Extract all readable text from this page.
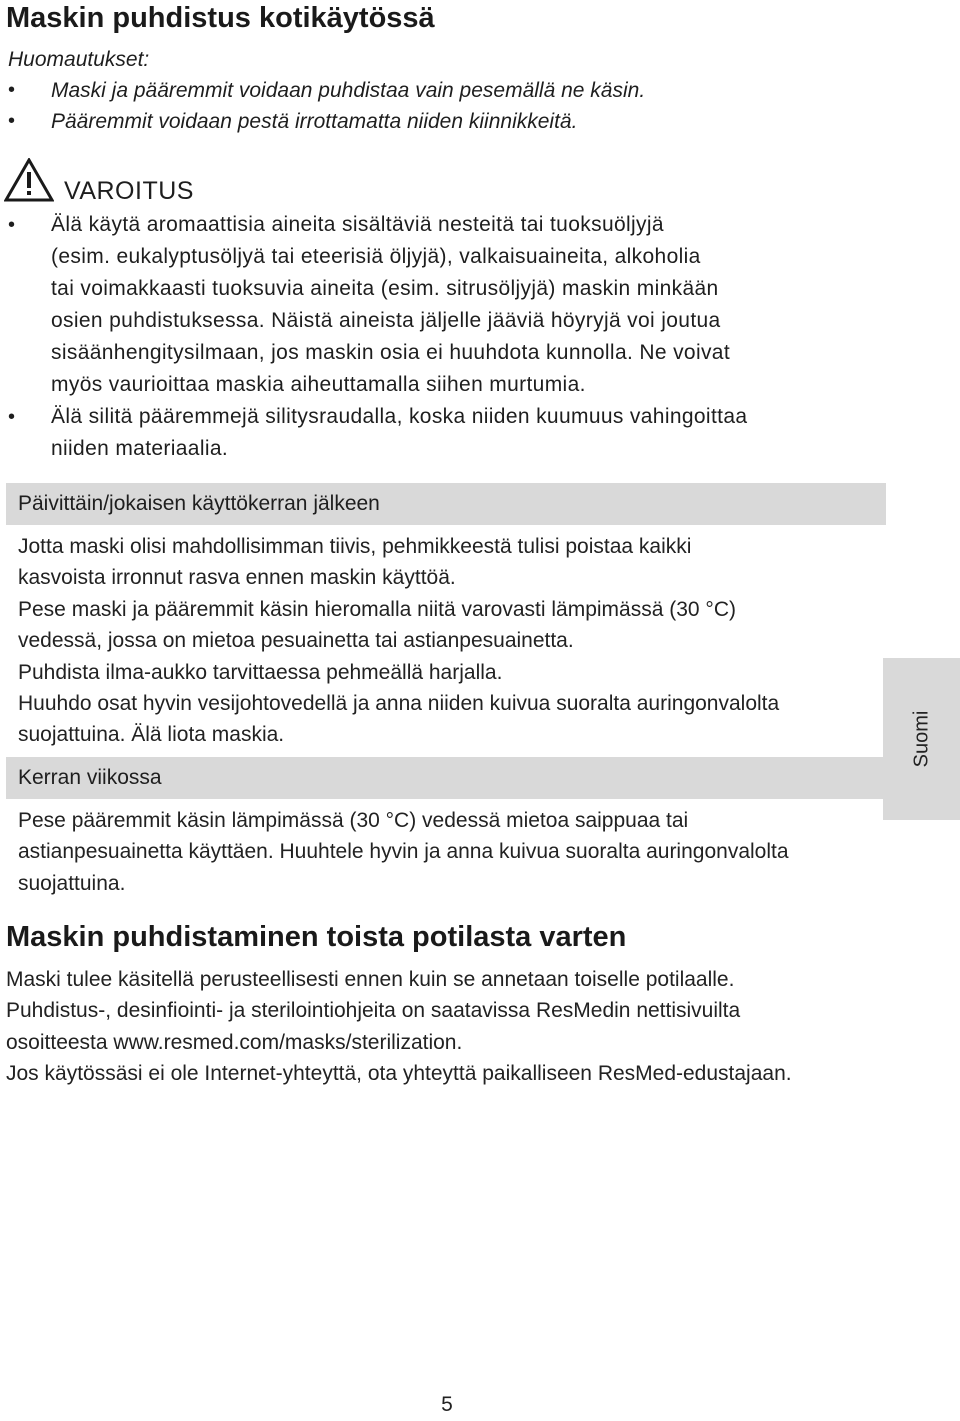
Maskin puhdistus kotikäytössä
Huomautukset:
• Maski ja pääremmit voidaan puhdistaa vain pesemällä ne käsin.
• Pääremmit voidaan pestä irrottamatta niiden kiinnikkeitä.
VAROITUS
• Älä käytä aromaattisia aineita sisältäviä nesteitä tai tuoksuöljyjä
(esim. eukalyptusöljyä tai eteerisiä öljyjä), valkaisuaineita, alkoholia
tai voimakkaasti tuoksuvia aineita (esim. sitrusöljyjä) maskin minkään
osien puhdistuksessa. Näistä aineista jäljelle jääviä höyryjä voi joutua
sisäänhengitysilmaan, jos maskin osia ei huuhdota kunnolla. Ne voivat
myös vaurioittaa maskia aiheuttamalla siihen murtumia.
• Älä silitä pääremmejä silitysraudalla, koska niiden kuumuus vahingoittaa
niiden materiaalia.
Päivittäin/jokaisen käyttökerran jälkeen

Jotta maski olisi mahdollisimman tiivis, pehmikkeestä tulisi poistaa kaikki

kasvoista irronnut rasva ennen maskin käyttöä.

Pese maski ja pääremmit käsin hieromalla niitä varovasti lämpimässä (30 °C)

vedessä, jossa on mietoa pesuainetta tai astianpesuainetta.

Puhdista ilma-aukko tarvittaessa pehmeällä harjalla.

Huuhdo osat hyvin vesijohtovedellä ja anna niiden kuivua suoralta auringonvalolta

suojattuina. Älä liota maskia.

Kerran viikossa

Pese pääremmit käsin lämpimässä (30 °C) vedessä mietoa saippuaa tai

astianpesuainetta käyttäen. Huuhtele hyvin ja anna kuivua suoralta auringonvalolta

suojattuina.

Maskin puhdistaminen toista potilasta varten

Maski tulee käsitellä perusteellisesti ennen kuin se annetaan toiselle potilaalle.

Puhdistus-, desinfiointi- ja sterilointiohjeita on saatavissa ResMedin nettisivuilta

osoitteesta www.resmed.com/masks/sterilization.

Jos käytössäsi ei ole Internet-yhteyttä, ota yhteyttä paikalliseen ResMed-edustajaan.

Suomi
5
